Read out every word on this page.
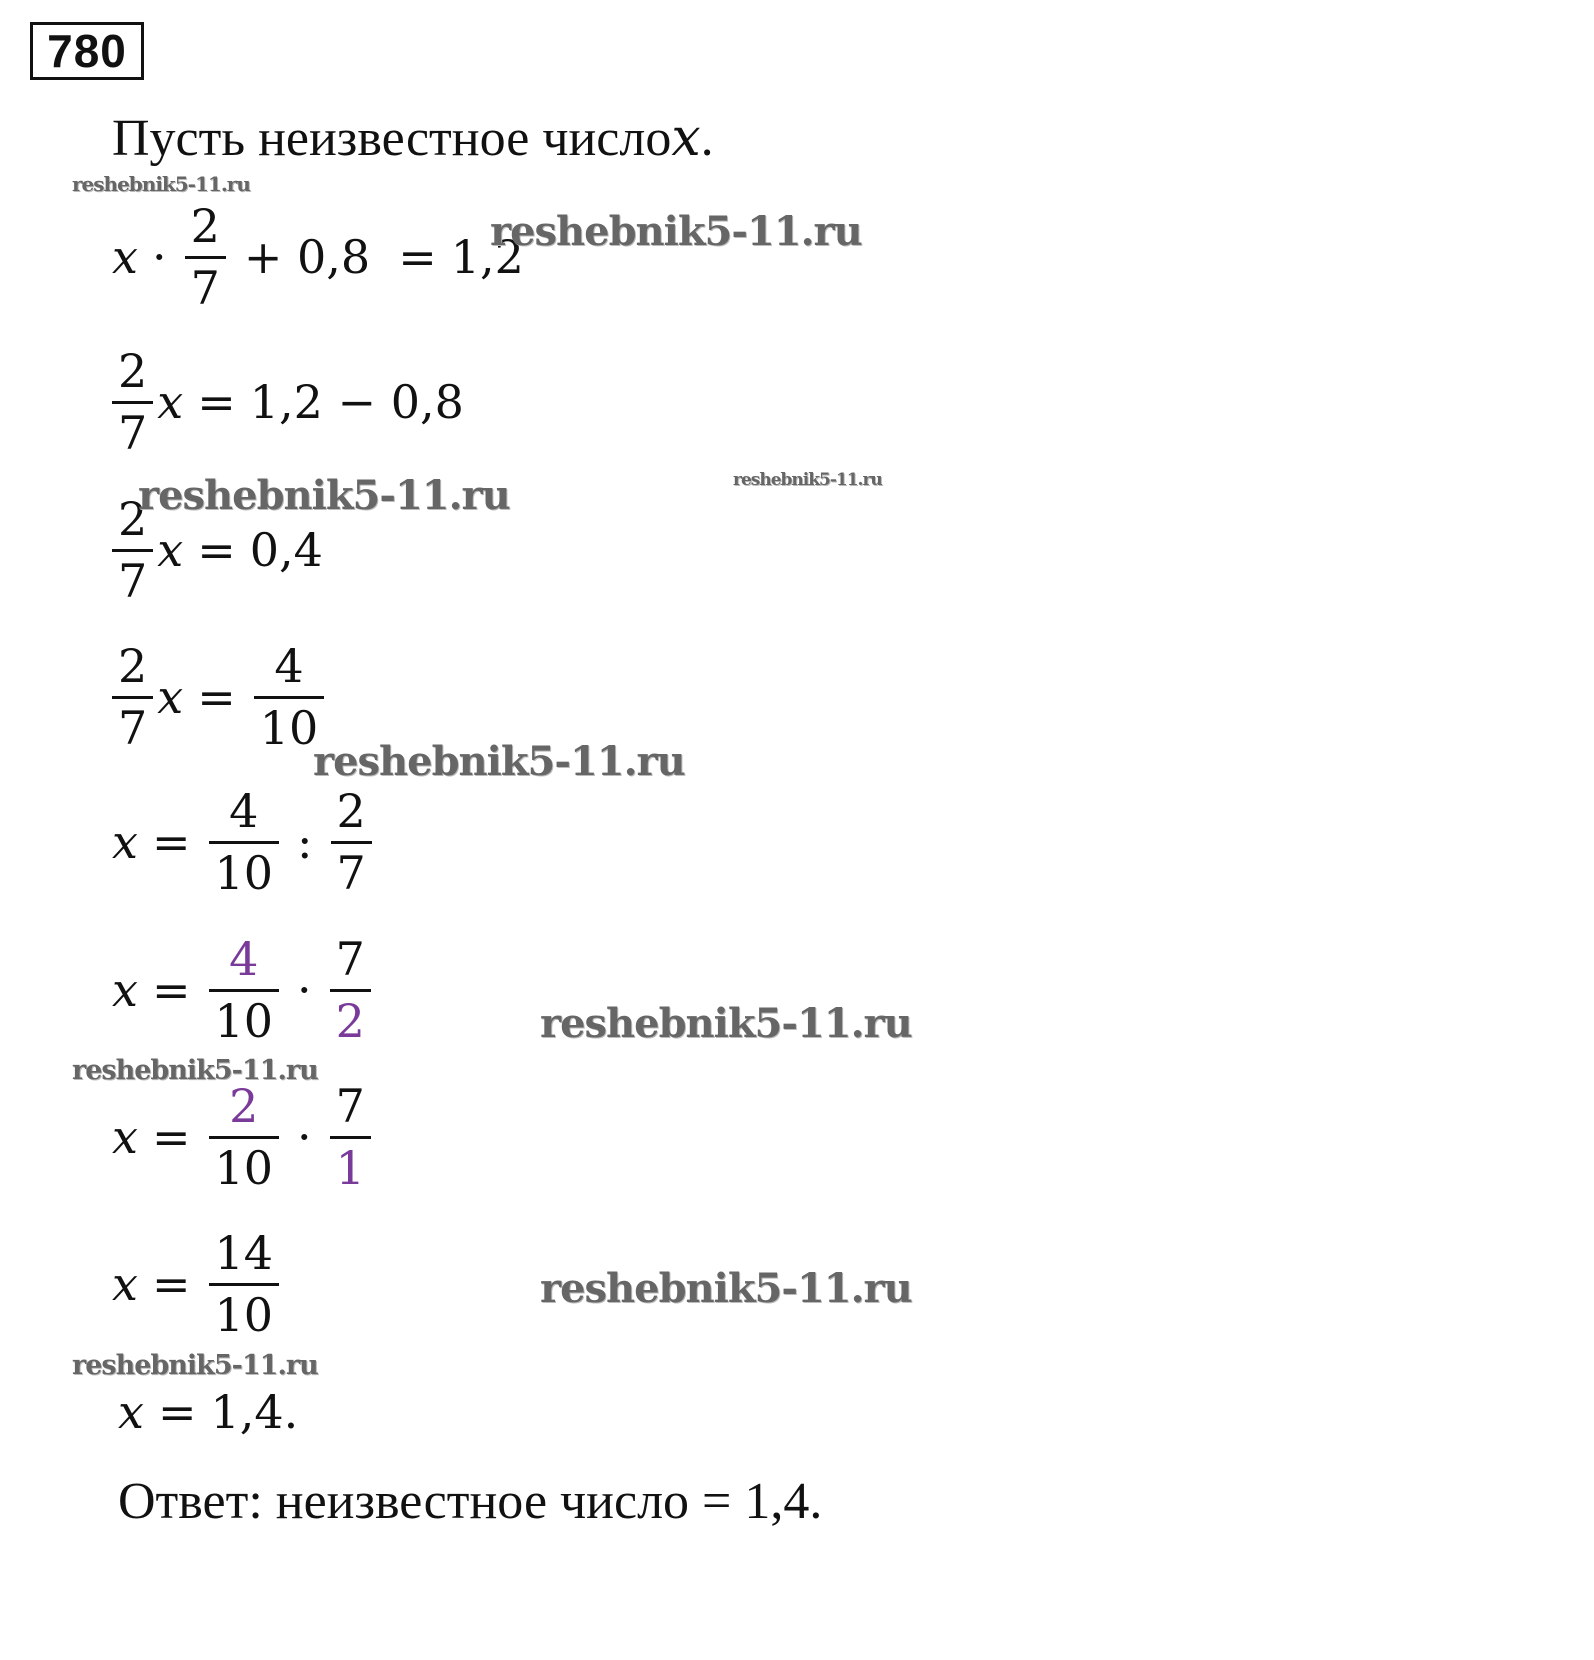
780
Пусть неизвестное число x .
$x \cdot \frac{2}{7} + 0,8 = 1,2$
$\frac{2}{7}$ x = 1,2 − 0,8
$\frac{2}{7}$ x = 0,4
$\frac{2}{7}$ $x = \frac{4}{10}$
$x = \frac{4}{10}$ : $\frac{2}{7}$
$x = \frac{4}{10} \cdot \frac{7}{2}$
$x = \frac{2}{10} \cdot \frac{7}{1}$
$x = \frac{14}{10}$
x = 1,4.
Ответ: неизвестное число = 1,4.
reshebnik5-11.ru
reshebnik5-11.ru
reshebnik5-11.ru	reshebnik5-11.ru
reshebnik5-11.ru
reshebnik5-11.ru
reshebnik5-11.ru
reshebnik5-11.ru
reshebnik5-11.ru
